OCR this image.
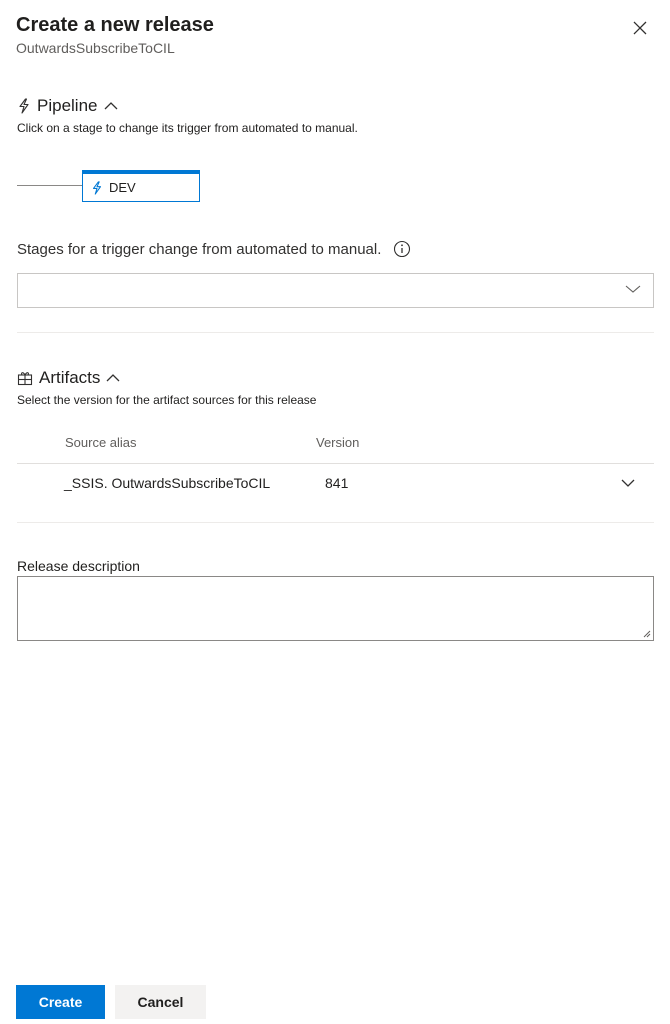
Create a new release
OutwardsSubscribeToCIL
Pipeline
Click on a stage to change its trigger from automated to manual.
DEV
Stages for a trigger change from automated to manual.
Artifacts
Select the version for the artifact sources for this release
Source alias	Version
_SSIS. OutwardsSubscribeToCIL	841
Release description
Create	Cancel
